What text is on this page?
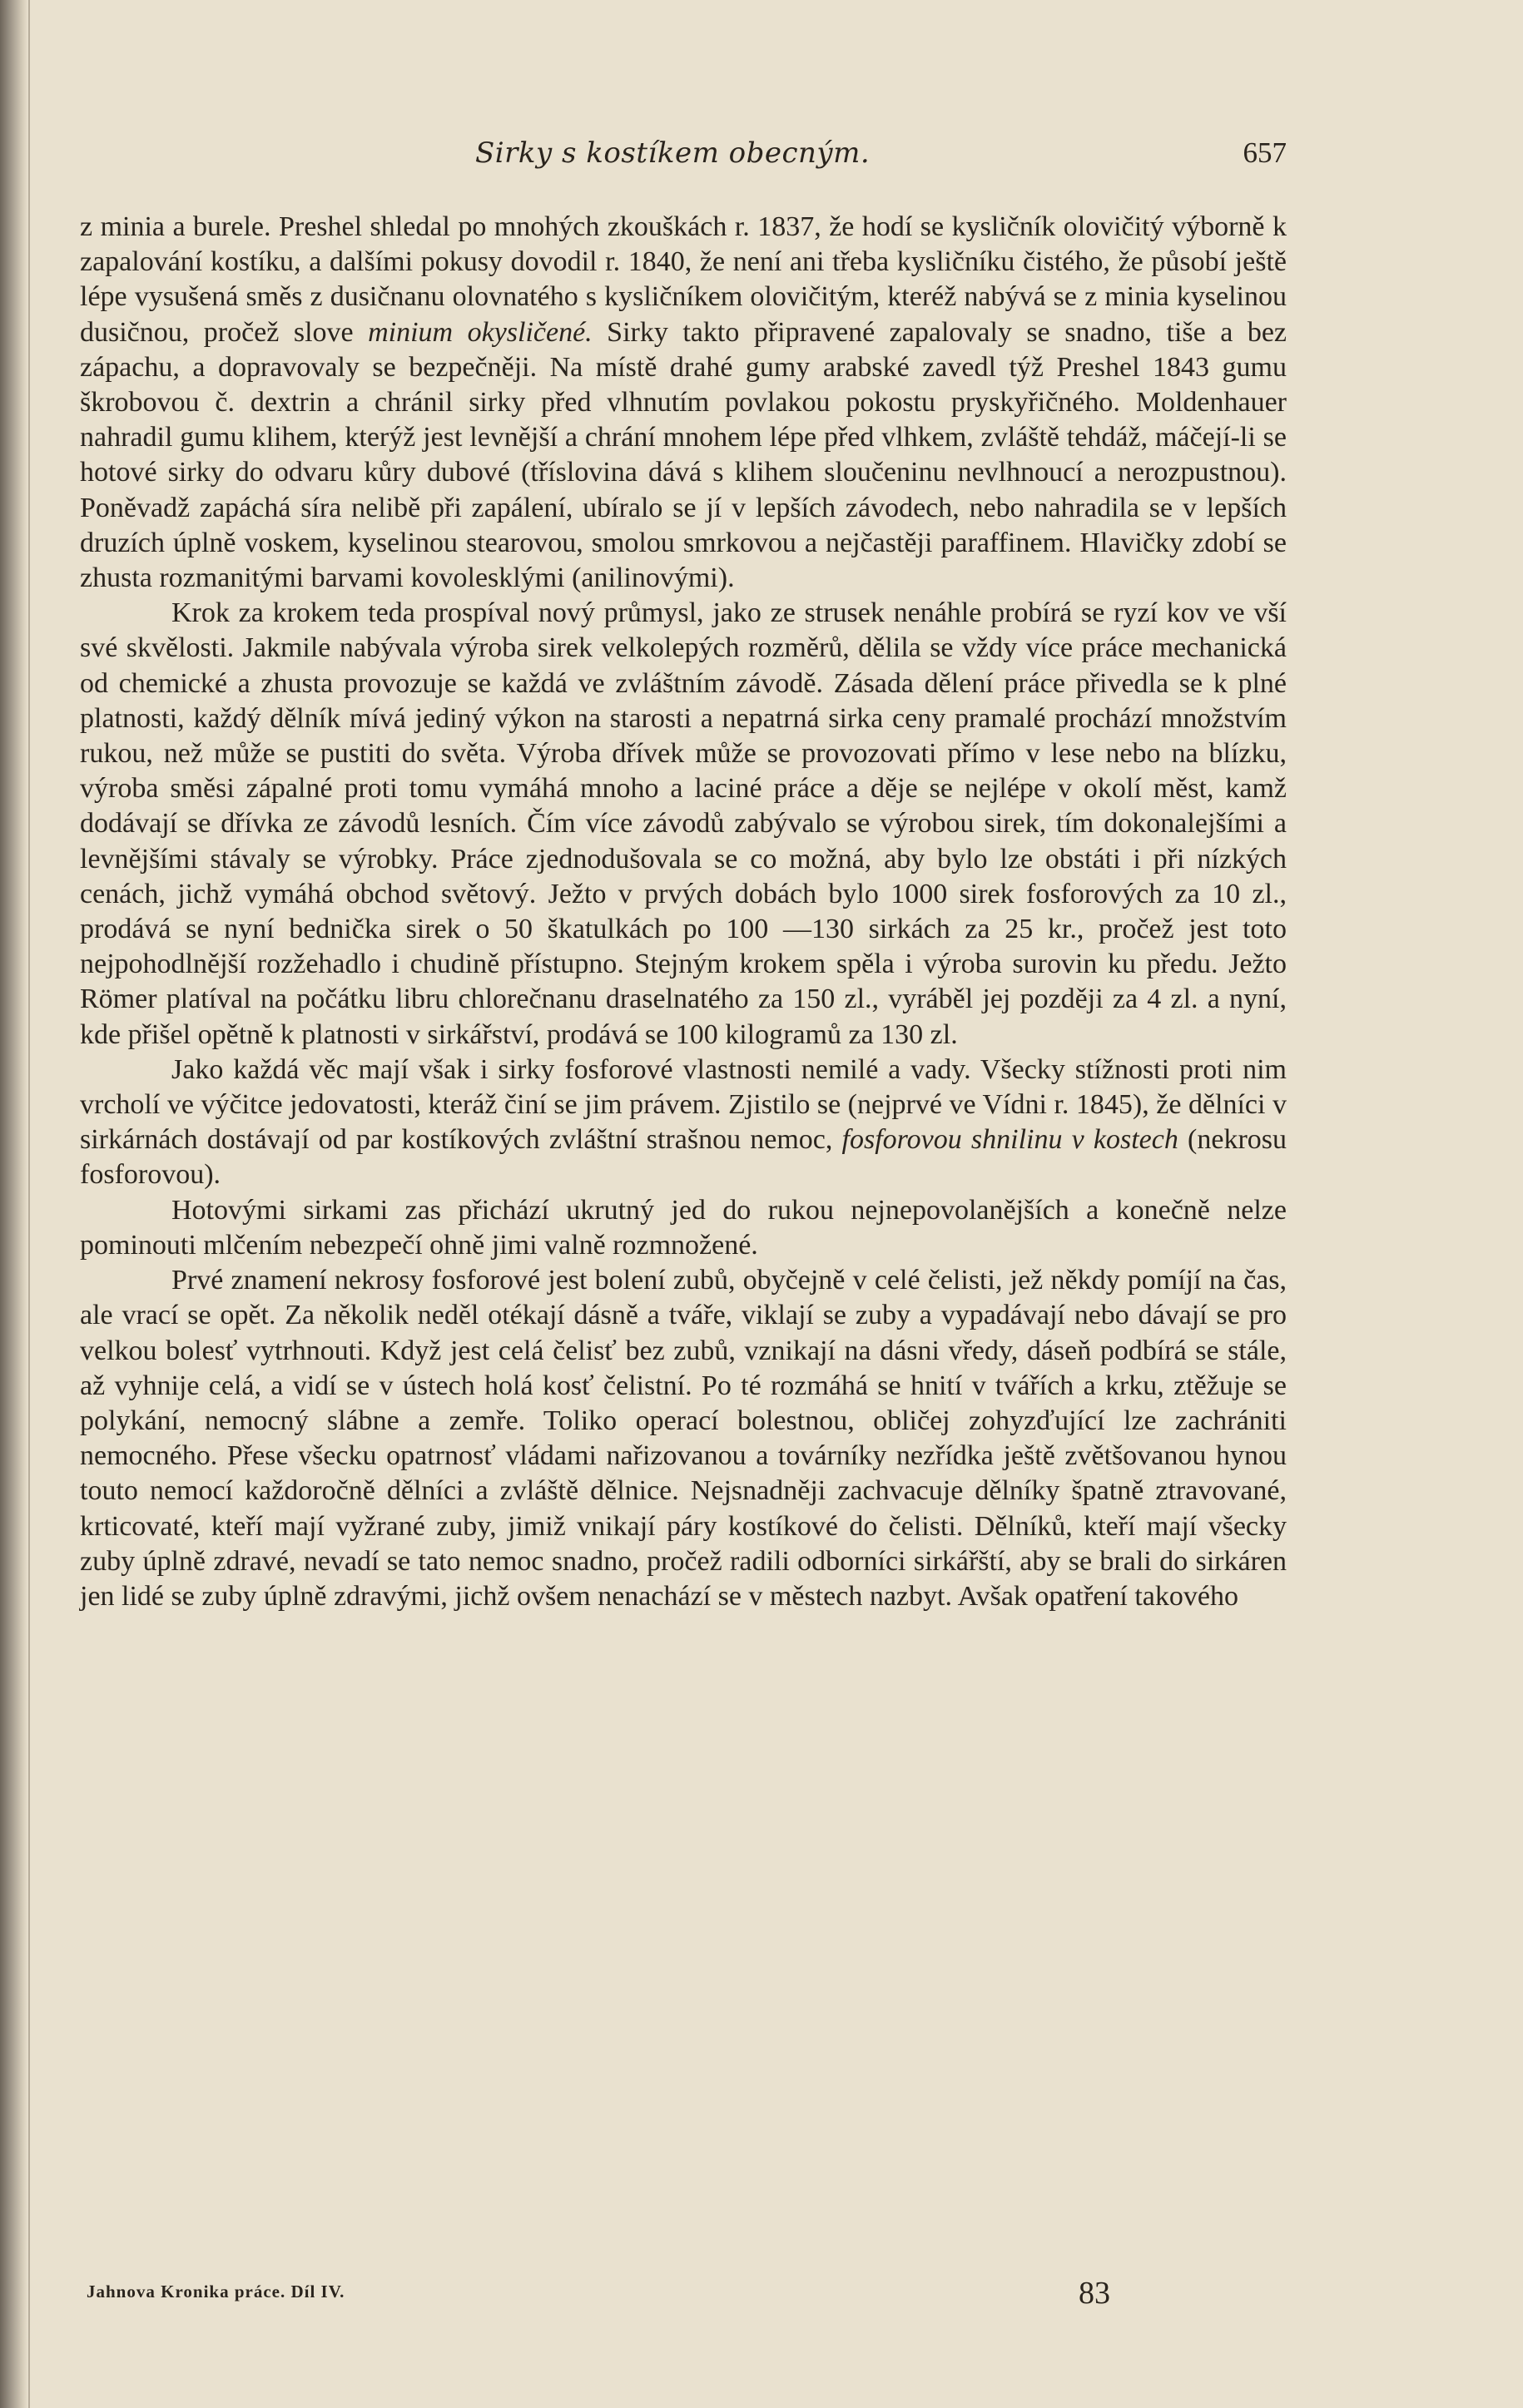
Sirky s kostíkem obecným.	657

z minia a burele. Preshel shledal po mnohých zkouškách r. 1837, že hodí se kysličník olovičitý výborně k zapalování kostíku, a dalšími pokusy dovodil r. 1840, že není ani třeba kysličníku čistého, že působí ještě lépe vysušená směs z dusičnanu olovnatého s kysličníkem olovičitým, kteréž nabývá se z minia kyselinou dusičnou, pročež slove minium okysličené. Sirky takto připravené zapalovaly se snadno, tiše a bez zápachu, a dopravovaly se bezpečněji. Na místě drahé gumy arabské zavedl týž Preshel 1843 gumu škrobovou č. dextrin a chránil sirky před vlhnutím povlakou pokostu pryskyřičného. Moldenhauer nahradil gumu klihem, kterýž jest levnější a chrání mnohem lépe před vlhkem, zvláště tehdáž, máčejí-li se hotové sirky do odvaru kůry dubové (tříslovina dává s klihem sloučeninu nevlhnoucí a nerozpustnou). Poněvadž zapáchá síra nelibě při zapálení, ubíralo se jí v lepších závodech, nebo nahradila se v lepších druzích úplně voskem, kyselinou stearovou, smolou smrkovou a nejčastěji paraffinem. Hlavičky zdobí se zhusta rozmanitými barvami kovolesklými (anilinovými).

Krok za krokem teda prospíval nový průmysl, jako ze strusek nenáhle probírá se ryzí kov ve vší své skvělosti. Jakmile nabývala výroba sirek velkolepých rozměrů, dělila se vždy více práce mechanická od chemické a zhusta provozuje se každá ve zvláštním závodě. Zásada dělení práce přivedla se k plné platnosti, každý dělník mívá jediný výkon na starosti a nepatrná sirka ceny pramalé prochází množstvím rukou, než může se pustiti do světa. Výroba dřívek může se provozovati přímo v lese nebo na blízku, výroba směsi zápalné proti tomu vymáhá mnoho a laciné práce a děje se nejlépe v okolí měst, kamž dodávají se dřívka ze závodů lesních. Čím více závodů zabývalo se výrobou sirek, tím dokonalejšími a levnějšími stávaly se výrobky. Práce zjednodušovala se co možná, aby bylo lze obstáti i při nízkých cenách, jichž vymáhá obchod světový. Ježto v prvých dobách bylo 1000 sirek fosforových za 10 zl., prodává se nyní bednička sirek o 50 škatulkách po 100 —130 sirkách za 25 kr., pročež jest toto nejpohodlnější rozžehadlo i chudině přístupno. Stejným krokem spěla i výroba surovin ku předu. Ježto Römer platíval na počátku libru chlorečnanu draselnatého za 150 zl., vyráběl jej později za 4 zl. a nyní, kde přišel opětně k platnosti v sirkářství, prodává se 100 kilogramů za 130 zl.

Jako každá věc mají však i sirky fosforové vlastnosti nemilé a vady. Všecky stížnosti proti nim vrcholí ve výčitce jedovatosti, kteráž činí se jim právem. Zjistilo se (nejprvé ve Vídni r. 1845), že dělníci v sirkárnách dostávají od par kostíkových zvláštní strašnou nemoc, fosforovou shnilinu v kostech (nekrosu fosforovou).

Hotovými sirkami zas přichází ukrutný jed do rukou nejnepovolanějších a konečně nelze pominouti mlčením nebezpečí ohně jimi valně rozmnožené.

Prvé znamení nekrosy fosforové jest bolení zubů, obyčejně v celé čelisti, jež někdy pomíjí na čas, ale vrací se opět. Za několik neděl otékají dásně a tváře, viklají se zuby a vypadávají nebo dávají se pro velkou bolesť vytrhnouti. Když jest celá čelisť bez zubů, vznikají na dásni vředy, dáseň podbírá se stále, až vyhnije celá, a vidí se v ústech holá kosť čelistní. Po té rozmáhá se hnití v tvářích a krku, ztěžuje se polykání, nemocný slábne a zemře. Toliko operací bolestnou, obličej zohyzďující lze zachrániti nemocného. Přese všecku opatrnosť vládami nařizovanou a továrníky nezřídka ještě zvětšovanou hynou touto nemocí každoročně dělníci a zvláště dělnice. Nejsnadněji zachvacuje dělníky špatně ztravované, krticovaté, kteří mají vyžrané zuby, jimiž vnikají páry kostíkové do čelisti. Dělníků, kteří mají všecky zuby úplně zdravé, nevadí se tato nemoc snadno, pročež radili odborníci sirkářští, aby se brali do sirkáren jen lidé se zuby úplně zdravými, jichž ovšem nenachází se v městech nazbyt. Avšak opatření takového

Jahnova Kronika práce. Díl IV.	83
